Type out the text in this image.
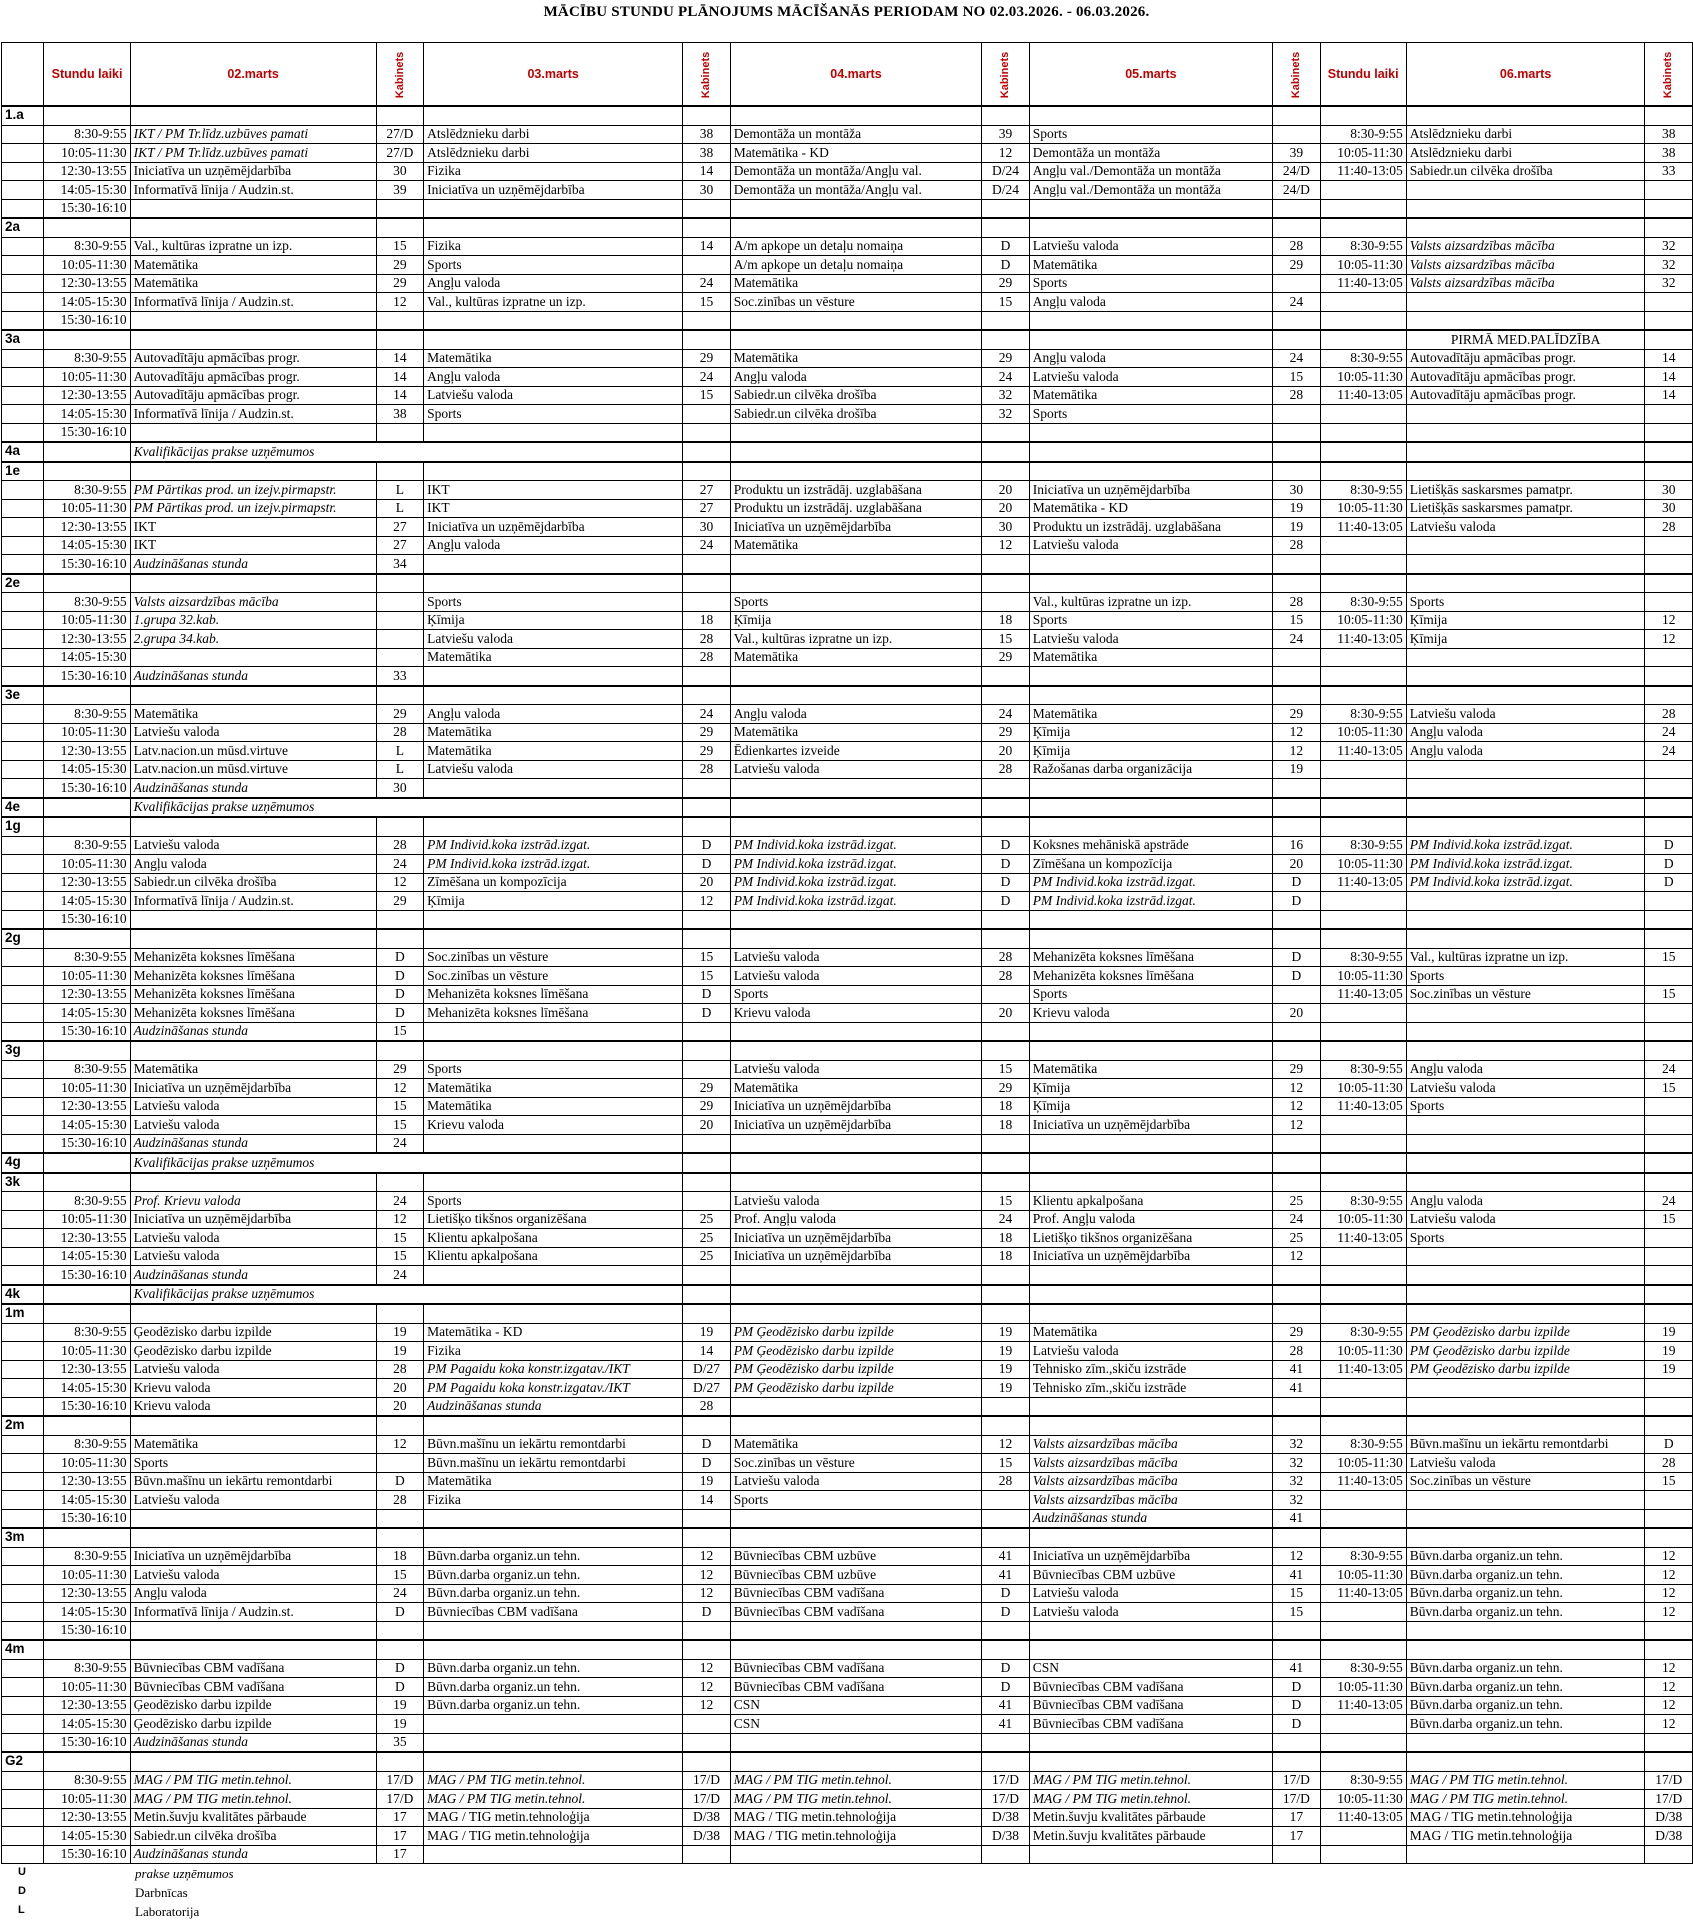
MĀCĪBU STUNDU PLĀNOJUMS MĀCĪŠANĀS PERIODAM NO 02.03.2026. - 06.03.2026.
	Stundu laiki	02.marts	Kabinets	03.marts	Kabinets	04.marts	Kabinets	05.marts	Kabinets	Stundu laiki	06.marts	Kabinets
1.a												
	8:30-9:55	IKT / PM Tr.līdz.uzbūves pamati	27/D	Atslēdznieku darbi	38	Demontāža un montāža	39	Sports		8:30-9:55	Atslēdznieku darbi	38
	10:05-11:30	IKT / PM Tr.līdz.uzbūves pamati	27/D	Atslēdznieku darbi	38	Matemātika - KD	12	Demontāža un montāža	39	10:05-11:30	Atslēdznieku darbi	38
	12:30-13:55	Iniciatīva un uzņēmējdarbība	30	Fizika	14	Demontāža un montāža/Angļu val.	D/24	Angļu val./Demontāža un montāža	24/D	11:40-13:05	Sabiedr.un cilvēka drošība	33
	14:05-15:30	Informatīvā līnija / Audzin.st.	39	Iniciatīva un uzņēmējdarbība	30	Demontāža un montāža/Angļu val.	D/24	Angļu val./Demontāža un montāža	24/D			
	15:30-16:10											
2a												
	8:30-9:55	Val., kultūras izpratne un izp.	15	Fizika	14	A/m apkope un detaļu nomaiņa	D	Latviešu valoda	28	8:30-9:55	Valsts aizsardzības mācība	32
	10:05-11:30	Matemātika	29	Sports		A/m apkope un detaļu nomaiņa	D	Matemātika	29	10:05-11:30	Valsts aizsardzības mācība	32
	12:30-13:55	Matemātika	29	Angļu valoda	24	Matemātika	29	Sports		11:40-13:05	Valsts aizsardzības mācība	32
	14:05-15:30	Informatīvā līnija / Audzin.st.	12	Val., kultūras izpratne un izp.	15	Soc.zinības un vēsture	15	Angļu valoda	24			
	15:30-16:10											
3a											PIRMĀ MED.PALĪDZĪBA	
	8:30-9:55	Autovadītāju apmācības progr.	14	Matemātika	29	Matemātika	29	Angļu valoda	24	8:30-9:55	Autovadītāju apmācības progr.	14
	10:05-11:30	Autovadītāju apmācības progr.	14	Angļu valoda	24	Angļu valoda	24	Latviešu valoda	15	10:05-11:30	Autovadītāju apmācības progr.	14
	12:30-13:55	Autovadītāju apmācības progr.	14	Latviešu valoda	15	Sabiedr.un cilvēka drošība	32	Matemātika	28	11:40-13:05	Autovadītāju apmācības progr.	14
	14:05-15:30	Informatīvā līnija / Audzin.st.	38	Sports		Sabiedr.un cilvēka drošība	32	Sports				
	15:30-16:10											
4a		Kvalifikācijas prakse uzņēmumos										
1e												
	8:30-9:55	PM Pārtikas prod. un izejv.pirmapstr.	L	IKT	27	Produktu un izstrādāj. uzglabāšana	20	Iniciatīva un uzņēmējdarbība	30	8:30-9:55	Lietišķās saskarsmes pamatpr.	30
	10:05-11:30	PM Pārtikas prod. un izejv.pirmapstr.	L	IKT	27	Produktu un izstrādāj. uzglabāšana	20	Matemātika - KD	19	10:05-11:30	Lietišķās saskarsmes pamatpr.	30
	12:30-13:55	IKT	27	Iniciatīva un uzņēmējdarbība	30	Iniciatīva un uzņēmējdarbība	30	Produktu un izstrādāj. uzglabāšana	19	11:40-13:05	Latviešu valoda	28
	14:05-15:30	IKT	27	Angļu valoda	24	Matemātika	12	Latviešu valoda	28			
	15:30-16:10	Audzināšanas stunda	34									
2e												
	8:30-9:55	Valsts aizsardzības mācība		Sports		Sports		Val., kultūras izpratne un izp.	28	8:30-9:55	Sports	
	10:05-11:30	1.grupa 32.kab.		Ķīmija	18	Ķīmija	18	Sports	15	10:05-11:30	Ķīmija	12
	12:30-13:55	2.grupa 34.kab.		Latviešu valoda	28	Val., kultūras izpratne un izp.	15	Latviešu valoda	24	11:40-13:05	Ķīmija	12
	14:05-15:30			Matemātika	28	Matemātika	29	Matemātika				
	15:30-16:10	Audzināšanas stunda	33									
3e												
	8:30-9:55	Matemātika	29	Angļu valoda	24	Angļu valoda	24	Matemātika	29	8:30-9:55	Latviešu valoda	28
	10:05-11:30	Latviešu valoda	28	Matemātika	29	Matemātika	29	Ķīmija	12	10:05-11:30	Angļu valoda	24
	12:30-13:55	Latv.nacion.un mūsd.virtuve	L	Matemātika	29	Ēdienkartes izveide	20	Ķīmija	12	11:40-13:05	Angļu valoda	24
	14:05-15:30	Latv.nacion.un mūsd.virtuve	L	Latviešu valoda	28	Latviešu valoda	28	Ražošanas darba organizācija	19			
	15:30-16:10	Audzināšanas stunda	30									
4e		Kvalifikācijas prakse uzņēmumos										
1g												
	8:30-9:55	Latviešu valoda	28	PM Individ.koka izstrād.izgat.	D	PM Individ.koka izstrād.izgat.	D	Koksnes mehāniskā apstrāde	16	8:30-9:55	PM Individ.koka izstrād.izgat.	D
	10:05-11:30	Angļu valoda	24	PM Individ.koka izstrād.izgat.	D	PM Individ.koka izstrād.izgat.	D	Zīmēšana un kompozīcija	20	10:05-11:30	PM Individ.koka izstrād.izgat.	D
	12:30-13:55	Sabiedr.un cilvēka drošība	12	Zīmēšana un kompozīcija	20	PM Individ.koka izstrād.izgat.	D	PM Individ.koka izstrād.izgat.	D	11:40-13:05	PM Individ.koka izstrād.izgat.	D
	14:05-15:30	Informatīvā līnija / Audzin.st.	29	Ķīmija	12	PM Individ.koka izstrād.izgat.	D	PM Individ.koka izstrād.izgat.	D			
	15:30-16:10											
2g												
	8:30-9:55	Mehanizēta koksnes līmēšana	D	Soc.zinības un vēsture	15	Latviešu valoda	28	Mehanizēta koksnes līmēšana	D	8:30-9:55	Val., kultūras izpratne un izp.	15
	10:05-11:30	Mehanizēta koksnes līmēšana	D	Soc.zinības un vēsture	15	Latviešu valoda	28	Mehanizēta koksnes līmēšana	D	10:05-11:30	Sports	
	12:30-13:55	Mehanizēta koksnes līmēšana	D	Mehanizēta koksnes līmēšana	D	Sports		Sports		11:40-13:05	Soc.zinības un vēsture	15
	14:05-15:30	Mehanizēta koksnes līmēšana	D	Mehanizēta koksnes līmēšana	D	Krievu valoda	20	Krievu valoda	20			
	15:30-16:10	Audzināšanas stunda	15									
3g												
	8:30-9:55	Matemātika	29	Sports		Latviešu valoda	15	Matemātika	29	8:30-9:55	Angļu valoda	24
	10:05-11:30	Iniciatīva un uzņēmējdarbība	12	Matemātika	29	Matemātika	29	Ķīmija	12	10:05-11:30	Latviešu valoda	15
	12:30-13:55	Latviešu valoda	15	Matemātika	29	Iniciatīva un uzņēmējdarbība	18	Ķīmija	12	11:40-13:05	Sports	
	14:05-15:30	Latviešu valoda	15	Krievu valoda	20	Iniciatīva un uzņēmējdarbība	18	Iniciatīva un uzņēmējdarbība	12			
	15:30-16:10	Audzināšanas stunda	24									
4g		Kvalifikācijas prakse uzņēmumos										
3k												
	8:30-9:55	Prof. Krievu valoda	24	Sports		Latviešu valoda	15	Klientu apkalpošana	25	8:30-9:55	Angļu valoda	24
	10:05-11:30	Iniciatīva un uzņēmējdarbība	12	Lietišķo tikšnos organizēšana	25	Prof. Angļu valoda	24	Prof. Angļu valoda	24	10:05-11:30	Latviešu valoda	15
	12:30-13:55	Latviešu valoda	15	Klientu apkalpošana	25	Iniciatīva un uzņēmējdarbība	18	Lietišķo tikšnos organizēšana	25	11:40-13:05	Sports	
	14:05-15:30	Latviešu valoda	15	Klientu apkalpošana	25	Iniciatīva un uzņēmējdarbība	18	Iniciatīva un uzņēmējdarbība	12			
	15:30-16:10	Audzināšanas stunda	24									
4k		Kvalifikācijas prakse uzņēmumos										
1m												
	8:30-9:55	Ģeodēzisko darbu izpilde	19	Matemātika - KD	19	PM Ģeodēzisko darbu izpilde	19	Matemātika	29	8:30-9:55	PM Ģeodēzisko darbu izpilde	19
	10:05-11:30	Ģeodēzisko darbu izpilde	19	Fizika	14	PM Ģeodēzisko darbu izpilde	19	Latviešu valoda	28	10:05-11:30	PM Ģeodēzisko darbu izpilde	19
	12:30-13:55	Latviešu valoda	28	PM Pagaidu koka konstr.izgatav./IKT	D/27	PM Ģeodēzisko darbu izpilde	19	Tehnisko zīm.,skiču izstrāde	41	11:40-13:05	PM Ģeodēzisko darbu izpilde	19
	14:05-15:30	Krievu valoda	20	PM Pagaidu koka konstr.izgatav./IKT	D/27	PM Ģeodēzisko darbu izpilde	19	Tehnisko zīm.,skiču izstrāde	41			
	15:30-16:10	Krievu valoda	20	Audzināšanas stunda	28							
2m												
	8:30-9:55	Matemātika	12	Būvn.mašīnu un iekārtu remontdarbi	D	Matemātika	12	Valsts aizsardzības mācība	32	8:30-9:55	Būvn.mašīnu un iekārtu remontdarbi	D
	10:05-11:30	Sports		Būvn.mašīnu un iekārtu remontdarbi	D	Soc.zinības un vēsture	15	Valsts aizsardzības mācība	32	10:05-11:30	Latviešu valoda	28
	12:30-13:55	Būvn.mašīnu un iekārtu remontdarbi	D	Matemātika	19	Latviešu valoda	28	Valsts aizsardzības mācība	32	11:40-13:05	Soc.zinības un vēsture	15
	14:05-15:30	Latviešu valoda	28	Fizika	14	Sports		Valsts aizsardzības mācība	32			
	15:30-16:10							Audzināšanas stunda	41			
3m												
	8:30-9:55	Iniciatīva un uzņēmējdarbība	18	Būvn.darba organiz.un tehn.	12	Būvniecības CBM uzbūve	41	Iniciatīva un uzņēmējdarbība	12	8:30-9:55	Būvn.darba organiz.un tehn.	12
	10:05-11:30	Latviešu valoda	15	Būvn.darba organiz.un tehn.	12	Būvniecības CBM uzbūve	41	Būvniecības CBM uzbūve	41	10:05-11:30	Būvn.darba organiz.un tehn.	12
	12:30-13:55	Angļu valoda	24	Būvn.darba organiz.un tehn.	12	Būvniecības CBM vadīšana	D	Latviešu valoda	15	11:40-13:05	Būvn.darba organiz.un tehn.	12
	14:05-15:30	Informatīvā līnija / Audzin.st.	D	Būvniecības CBM vadīšana	D	Būvniecības CBM vadīšana	D	Latviešu valoda	15		Būvn.darba organiz.un tehn.	12
	15:30-16:10											
4m												
	8:30-9:55	Būvniecības CBM vadīšana	D	Būvn.darba organiz.un tehn.	12	Būvniecības CBM vadīšana	D	CSN	41	8:30-9:55	Būvn.darba organiz.un tehn.	12
	10:05-11:30	Būvniecības CBM vadīšana	D	Būvn.darba organiz.un tehn.	12	Būvniecības CBM vadīšana	D	Būvniecības CBM vadīšana	D	10:05-11:30	Būvn.darba organiz.un tehn.	12
	12:30-13:55	Ģeodēzisko darbu izpilde	19	Būvn.darba organiz.un tehn.	12	CSN	41	Būvniecības CBM vadīšana	D	11:40-13:05	Būvn.darba organiz.un tehn.	12
	14:05-15:30	Ģeodēzisko darbu izpilde	19			CSN	41	Būvniecības CBM vadīšana	D		Būvn.darba organiz.un tehn.	12
	15:30-16:10	Audzināšanas stunda	35									
G2												
	8:30-9:55	MAG / PM TIG metin.tehnol.	17/D	MAG / PM TIG metin.tehnol.	17/D	MAG / PM TIG metin.tehnol.	17/D	MAG / PM TIG metin.tehnol.	17/D	8:30-9:55	MAG / PM TIG metin.tehnol.	17/D
	10:05-11:30	MAG / PM TIG metin.tehnol.	17/D	MAG / PM TIG metin.tehnol.	17/D	MAG / PM TIG metin.tehnol.	17/D	MAG / PM TIG metin.tehnol.	17/D	10:05-11:30	MAG / PM TIG metin.tehnol.	17/D
	12:30-13:55	Metin.šuvju kvalitātes pārbaude	17	MAG / TIG metin.tehnoloģija	D/38	MAG / TIG metin.tehnoloģija	D/38	Metin.šuvju kvalitātes pārbaude	17	11:40-13:05	MAG / TIG metin.tehnoloģija	D/38
	14:05-15:30	Sabiedr.un cilvēka drošība	17	MAG / TIG metin.tehnoloģija	D/38	MAG / TIG metin.tehnoloģija	D/38	Metin.šuvju kvalitātes pārbaude	17		MAG / TIG metin.tehnoloģija	D/38
	15:30-16:10	Audzināšanas stunda	17									
U	prakse uzņēmumos
D	Darbnīcas
L	Laboratorija
